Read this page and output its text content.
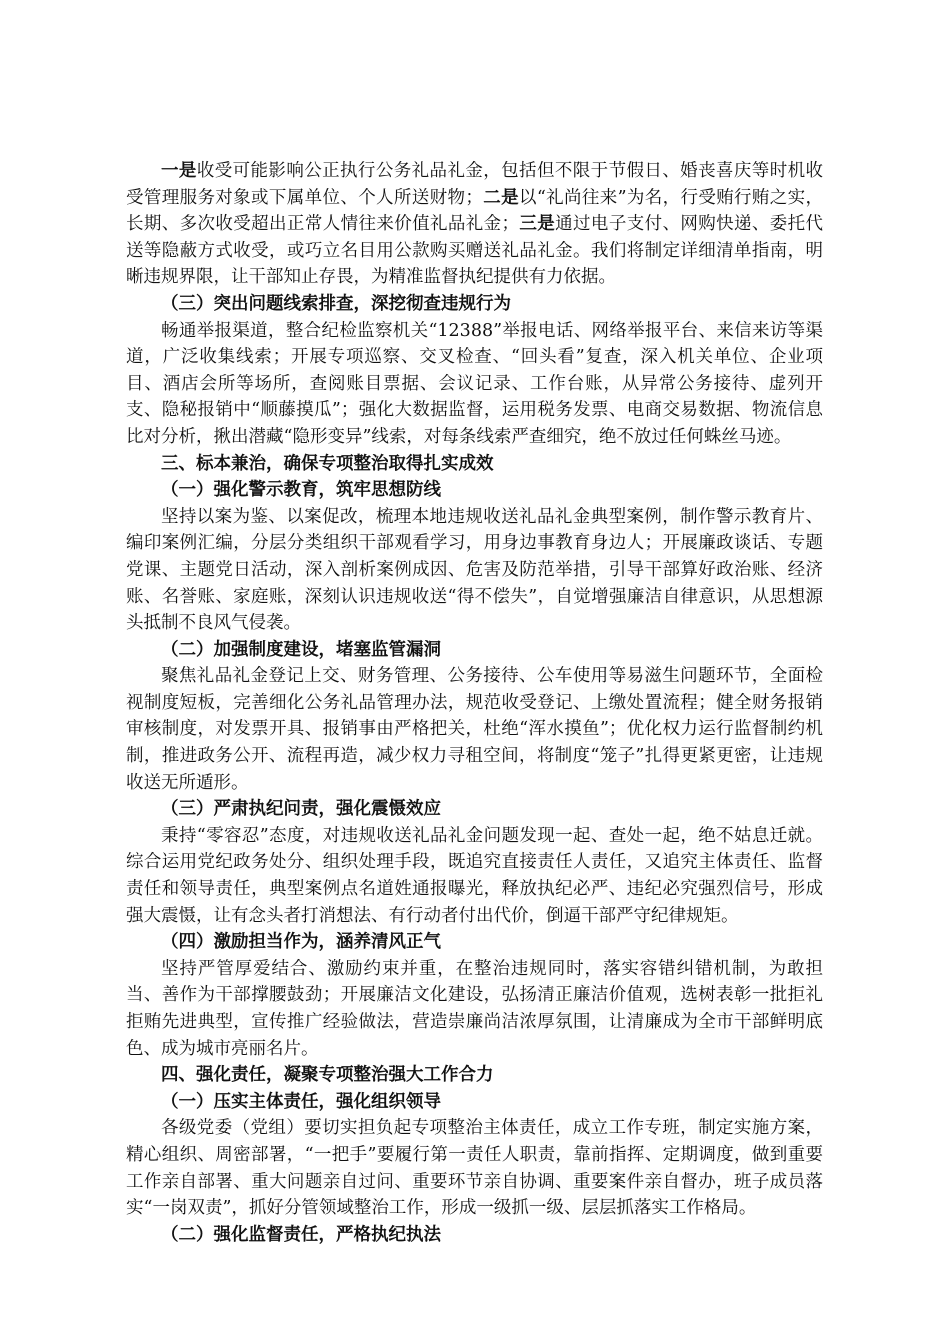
一是收受可能影响公正执行公务礼品礼金，包括但不限于节假日、婚丧喜庆等时机收受管理服务对象或下属单位、个人所送财物；二是以“礼尚往来”为名，行受贿行贿之实，长期、多次收受超出正常人情往来价值礼品礼金；三是通过电子支付、网购快递、委托代送等隐蔽方式收受，或巧立名目用公款购买赠送礼品礼金。我们将制定详细清单指南，明晰违规界限，让干部知止存畏，为精准监督执纪提供有力依据。

（三）突出问题线索排查，深挖彻查违规行为

畅通举报渠道，整合纪检监察机关“12388”举报电话、网络举报平台、来信来访等渠道，广泛收集线索；开展专项巡察、交叉检查、“回头看”复查，深入机关单位、企业项目、酒店会所等场所，查阅账目票据、会议记录、工作台账，从异常公务接待、虚列开支、隐秘报销中“顺藤摸瓜”；强化大数据监督，运用税务发票、电商交易数据、物流信息比对分析，揪出潜藏“隐形变异”线索，对每条线索严查细究，绝不放过任何蛛丝马迹。

三、标本兼治，确保专项整治取得扎实成效

（一）强化警示教育，筑牢思想防线

坚持以案为鉴、以案促改，梳理本地违规收送礼品礼金典型案例，制作警示教育片、编印案例汇编，分层分类组织干部观看学习，用身边事教育身边人；开展廉政谈话、专题党课、主题党日活动，深入剖析案例成因、危害及防范举措，引导干部算好政治账、经济账、名誉账、家庭账，深刻认识违规收送“得不偿失”，自觉增强廉洁自律意识，从思想源头抵制不良风气侵袭。

（二）加强制度建设，堵塞监管漏洞

聚焦礼品礼金登记上交、财务管理、公务接待、公车使用等易滋生问题环节，全面检视制度短板，完善细化公务礼品管理办法，规范收受登记、上缴处置流程；健全财务报销审核制度，对发票开具、报销事由严格把关，杜绝“浑水摸鱼”；优化权力运行监督制约机制，推进政务公开、流程再造，减少权力寻租空间，将制度“笼子”扎得更紧更密，让违规收送无所遁形。

（三）严肃执纪问责，强化震慑效应

秉持“零容忍”态度，对违规收送礼品礼金问题发现一起、查处一起，绝不姑息迁就。综合运用党纪政务处分、组织处理手段，既追究直接责任人责任，又追究主体责任、监督责任和领导责任，典型案例点名道姓通报曝光，释放执纪必严、违纪必究强烈信号，形成强大震慑，让有念头者打消想法、有行动者付出代价，倒逼干部严守纪律规矩。

（四）激励担当作为，涵养清风正气

坚持严管厚爱结合、激励约束并重，在整治违规同时，落实容错纠错机制，为敢担当、善作为干部撑腰鼓劲；开展廉洁文化建设，弘扬清正廉洁价值观，选树表彰一批拒礼拒贿先进典型，宣传推广经验做法，营造崇廉尚洁浓厚氛围，让清廉成为全市干部鲜明底色、成为城市亮丽名片。

四、强化责任，凝聚专项整治强大工作合力

（一）压实主体责任，强化组织领导

各级党委（党组）要切实担负起专项整治主体责任，成立工作专班，制定实施方案，精心组织、周密部署，“一把手”要履行第一责任人职责，靠前指挥、定期调度，做到重要工作亲自部署、重大问题亲自过问、重要环节亲自协调、重要案件亲自督办，班子成员落实“一岗双责”，抓好分管领域整治工作，形成一级抓一级、层层抓落实工作格局。

（二）强化监督责任，严格执纪执法
